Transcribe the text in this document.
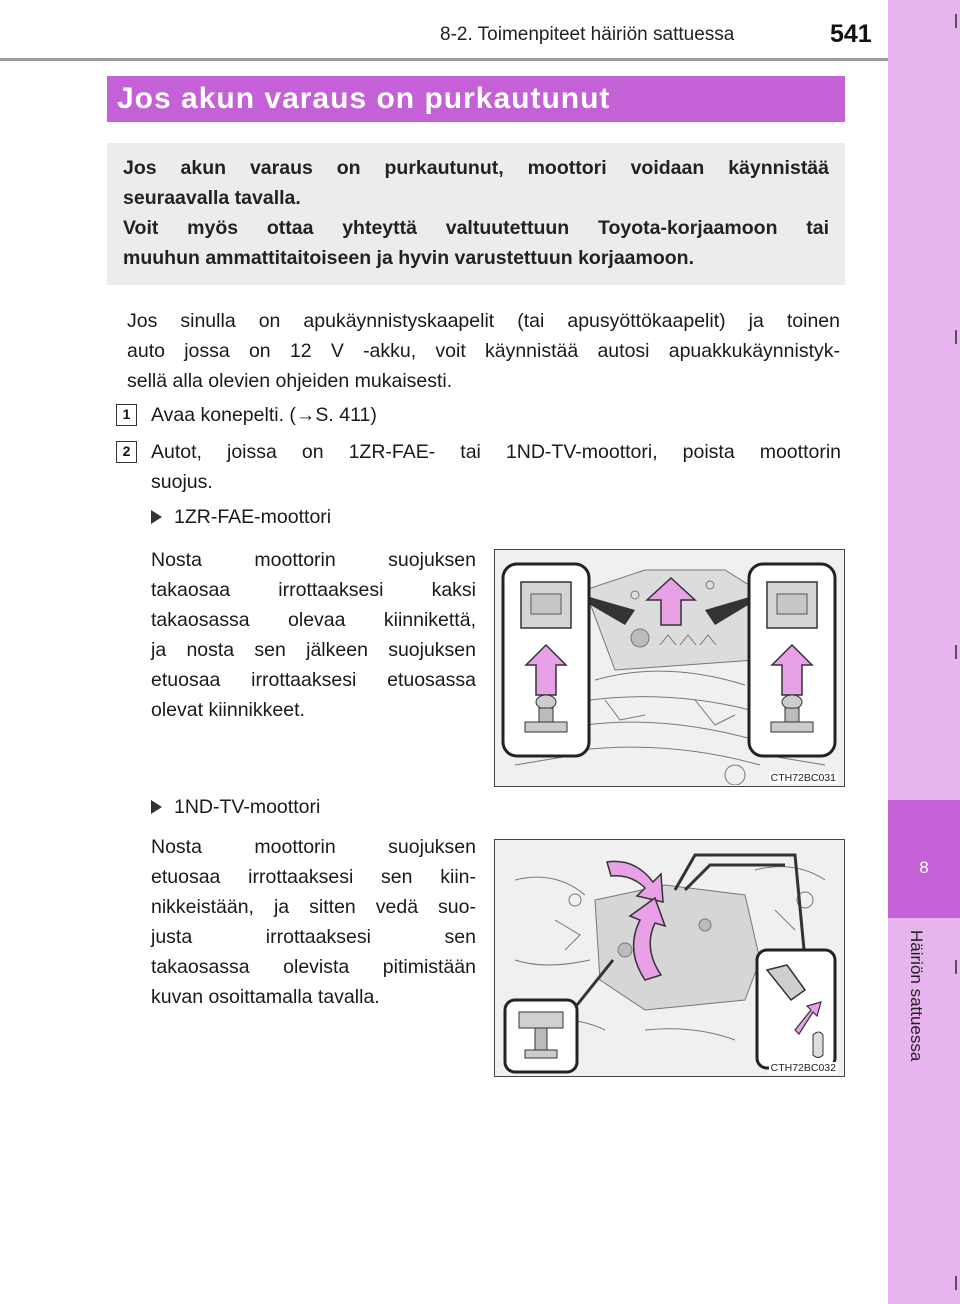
8-2. Toimenpiteet häiriön sattuessa	541
8
Häiriön sattuessa
Jos akun varaus on purkautunut
Jos akun varaus on purkautunut, moottori voidaan käynnistää
seuraavalla tavalla.
Voit myös ottaa yhteyttä valtuutettuun Toyota-korjaamoon tai
muuhun ammattitaitoiseen ja hyvin varustettuun korjaamoon.
Jos sinulla on apukäynnistyskaapelit (tai apusyöttökaapelit) ja toinen
auto jossa on 12 V -akku, voit käynnistää autosi apuakkukäynnistyk-
sellä alla olevien ohjeiden mukaisesti.
1	Avaa konepelti. (→S. 411)
2	Autot, joissa on 1ZR-FAE- tai 1ND-TV-moottori, poista moottorin
suojus.
1ZR-FAE-moottori
Nosta moottorin suojuksen
takaosaa irrottaaksesi kaksi
takaosassa olevaa kiinnikettä,
ja nosta sen jälkeen suojuksen
etuosaa irrottaaksesi etuosassa
olevat kiinnikkeet.
CTH72BC031
1ND-TV-moottori
Nosta moottorin suojuksen
etuosaa irrottaaksesi sen kiin-
nikkeistään, ja sitten vedä suo-
justa irrottaaksesi sen
takaosassa olevista pitimistään
kuvan osoittamalla tavalla.
CTH72BC032
